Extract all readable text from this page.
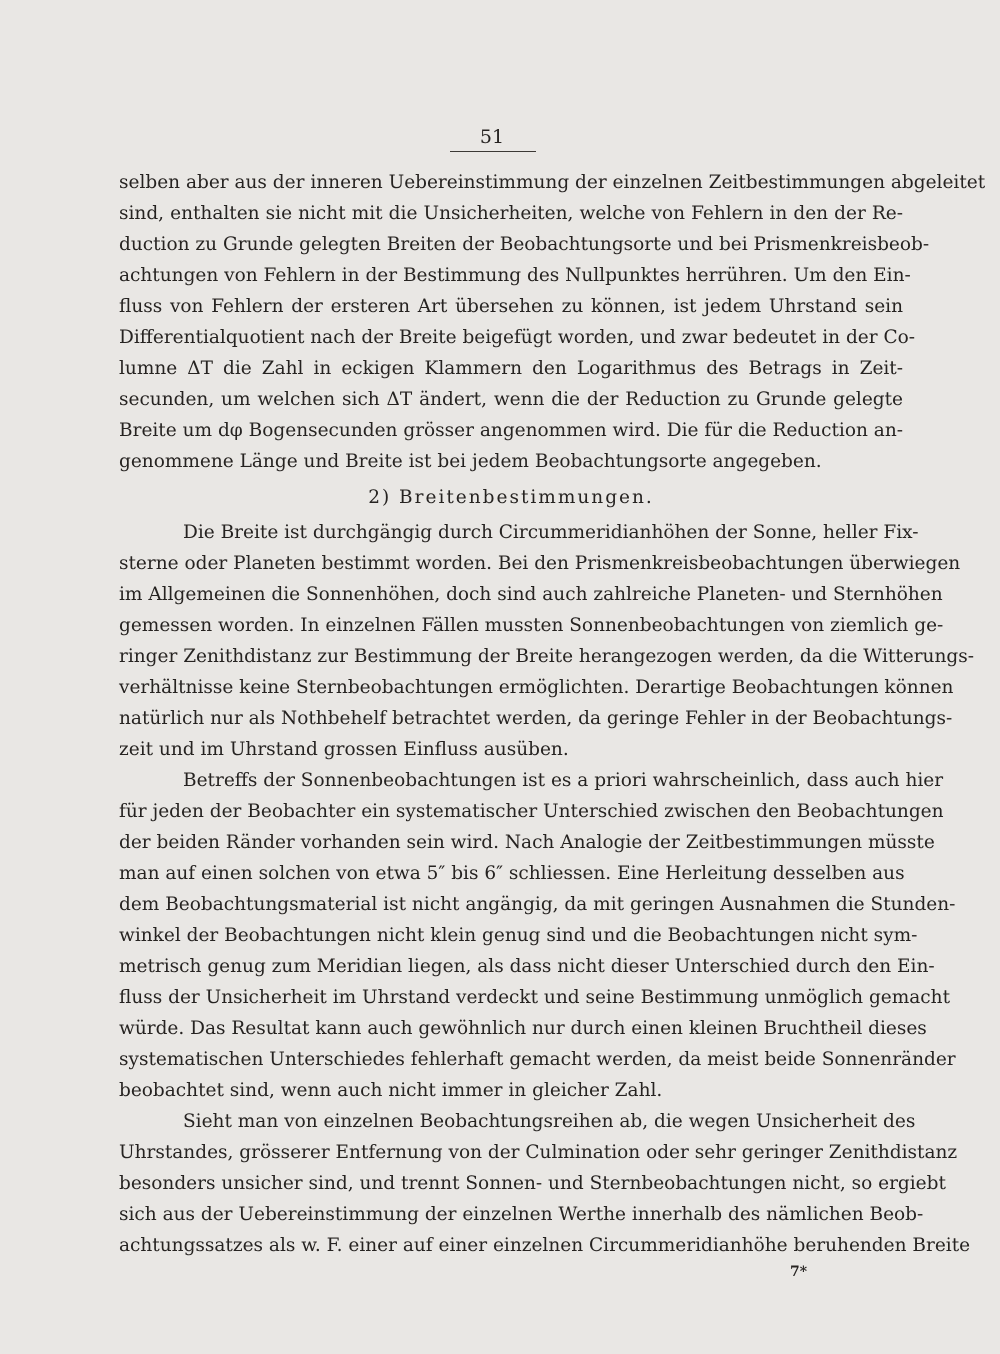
51
selben aber aus der inneren Uebereinstimmung der einzelnen Zeitbestimmungen abgeleitet
sind, enthalten sie nicht mit die Unsicherheiten, welche von Fehlern in den der Re-
duction zu Grunde gelegten Breiten der Beobachtungsorte und bei Prismenkreisbeob-
achtungen von Fehlern in der Bestimmung des Nullpunktes herrühren. Um den Ein-
fluss von Fehlern der ersteren Art übersehen zu können, ist jedem Uhrstand sein
Differentialquotient nach der Breite beigefügt worden, und zwar bedeutet in der Co-
lumne ΔT die Zahl in eckigen Klammern den Logarithmus des Betrags in Zeit-
secunden, um welchen sich ΔT ändert, wenn die der Reduction zu Grunde gelegte
Breite um dφ Bogensecunden grösser angenommen wird. Die für die Reduction an-
genommene Länge und Breite ist bei jedem Beobachtungsorte angegeben.
2) Breitenbestimmungen.
Die Breite ist durchgängig durch Circummeridianhöhen der Sonne, heller Fix-
sterne oder Planeten bestimmt worden. Bei den Prismenkreisbeobachtungen überwiegen
im Allgemeinen die Sonnenhöhen, doch sind auch zahlreiche Planeten- und Sternhöhen
gemessen worden. In einzelnen Fällen mussten Sonnenbeobachtungen von ziemlich ge-
ringer Zenithdistanz zur Bestimmung der Breite herangezogen werden, da die Witterungs-
verhältnisse keine Sternbeobachtungen ermöglichten. Derartige Beobachtungen können
natürlich nur als Nothbehelf betrachtet werden, da geringe Fehler in der Beobachtungs-
zeit und im Uhrstand grossen Einfluss ausüben.
Betreffs der Sonnenbeobachtungen ist es a priori wahrscheinlich, dass auch hier
für jeden der Beobachter ein systematischer Unterschied zwischen den Beobachtungen
der beiden Ränder vorhanden sein wird. Nach Analogie der Zeitbestimmungen müsste
man auf einen solchen von etwa 5″ bis 6″ schliessen. Eine Herleitung desselben aus
dem Beobachtungsmaterial ist nicht angängig, da mit geringen Ausnahmen die Stunden-
winkel der Beobachtungen nicht klein genug sind und die Beobachtungen nicht sym-
metrisch genug zum Meridian liegen, als dass nicht dieser Unterschied durch den Ein-
fluss der Unsicherheit im Uhrstand verdeckt und seine Bestimmung unmöglich gemacht
würde. Das Resultat kann auch gewöhnlich nur durch einen kleinen Bruchtheil dieses
systematischen Unterschiedes fehlerhaft gemacht werden, da meist beide Sonnenränder
beobachtet sind, wenn auch nicht immer in gleicher Zahl.
Sieht man von einzelnen Beobachtungsreihen ab, die wegen Unsicherheit des
Uhrstandes, grösserer Entfernung von der Culmination oder sehr geringer Zenithdistanz
besonders unsicher sind, und trennt Sonnen- und Sternbeobachtungen nicht, so ergiebt
sich aus der Uebereinstimmung der einzelnen Werthe innerhalb des nämlichen Beob-
achtungssatzes als w. F. einer auf einer einzelnen Circummeridianhöhe beruhenden Breite
7*
